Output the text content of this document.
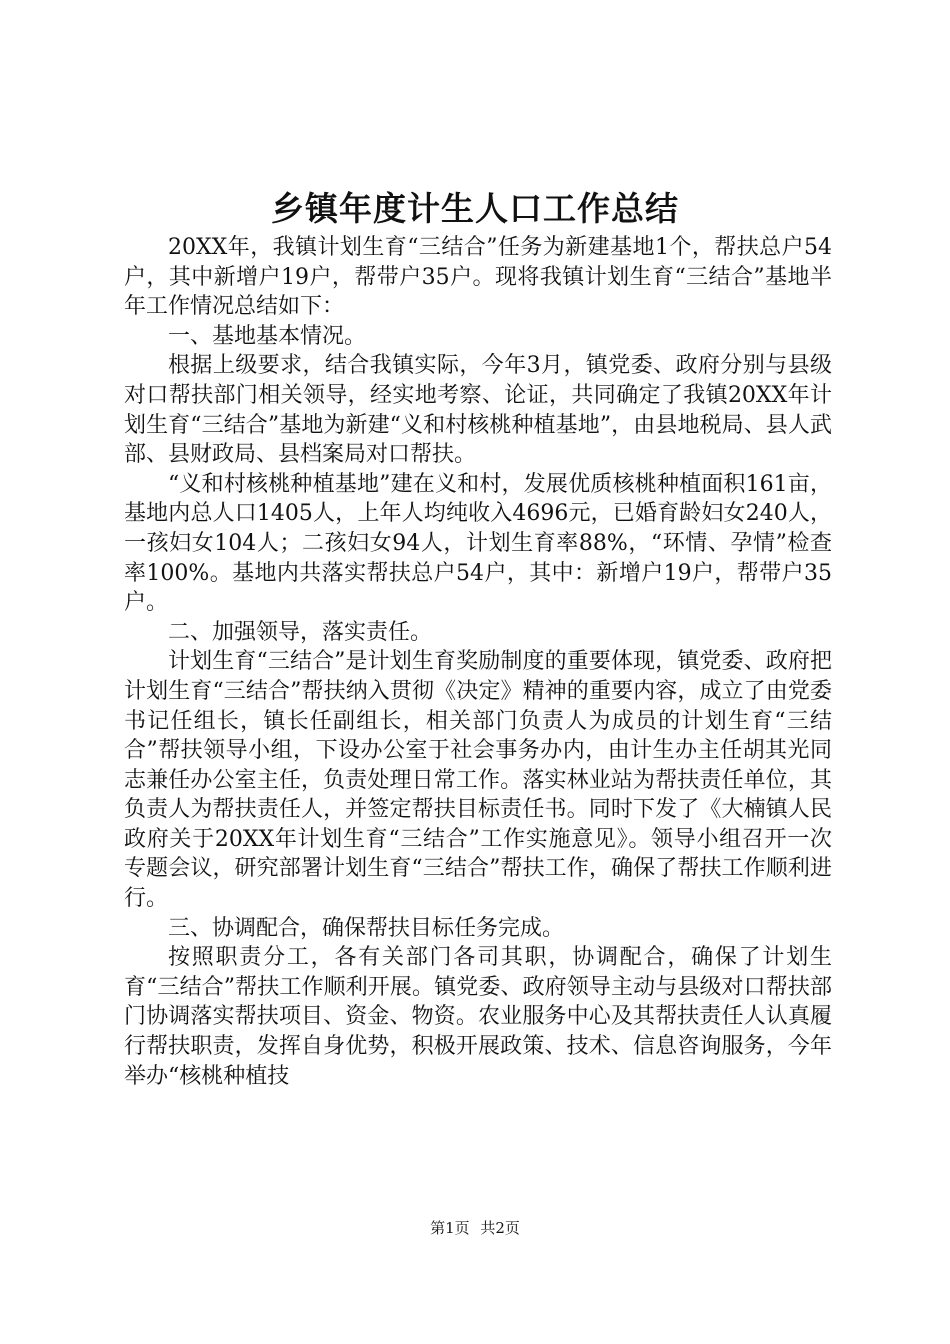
乡镇年度计生人口工作总结

20XX年，我镇计划生育“三结合”任务为新建基地1个，帮扶总户54户，其中新增户19户，帮带户35户。现将我镇计划生育“三结合”基地半年工作情况总结如下：

一、基地基本情况。

根据上级要求，结合我镇实际，今年3月，镇党委、政府分别与县级对口帮扶部门相关领导，经实地考察、论证，共同确定了我镇20XX年计划生育“三结合”基地为新建“义和村核桃种植基地”，由县地税局、县人武部、县财政局、县档案局对口帮扶。

“义和村核桃种植基地”建在义和村，发展优质核桃种植面积161亩，基地内总人口1405人，上年人均纯收入4696元，已婚育龄妇女240人，一孩妇女104人；二孩妇女94人，计划生育率88%，“环情、孕情”检查率100%。基地内共落实帮扶总户54户，其中：新增户19户，帮带户35户。

二、加强领导，落实责任。

计划生育“三结合”是计划生育奖励制度的重要体现，镇党委、政府把计划生育“三结合”帮扶纳入贯彻《决定》精神的重要内容，成立了由党委书记任组长，镇长任副组长，相关部门负责人为成员的计划生育“三结合”帮扶领导小组，下设办公室于社会事务办内，由计生办主任胡其光同志兼任办公室主任，负责处理日常工作。落实林业站为帮扶责任单位，其负责人为帮扶责任人，并签定帮扶目标责任书。同时下发了《大楠镇人民政府关于20XX年计划生育“三结合”工作实施意见》。领导小组召开一次专题会议，研究部署计划生育“三结合”帮扶工作，确保了帮扶工作顺利进行。

三、协调配合，确保帮扶目标任务完成。

按照职责分工，各有关部门各司其职，协调配合，确保了计划生育“三结合”帮扶工作顺利开展。镇党委、政府领导主动与县级对口帮扶部门协调落实帮扶项目、资金、物资。农业服务中心及其帮扶责任人认真履行帮扶职责，发挥自身优势，积极开展政策、技术、信息咨询服务，今年举办“核桃种植技

第1页 共2页
